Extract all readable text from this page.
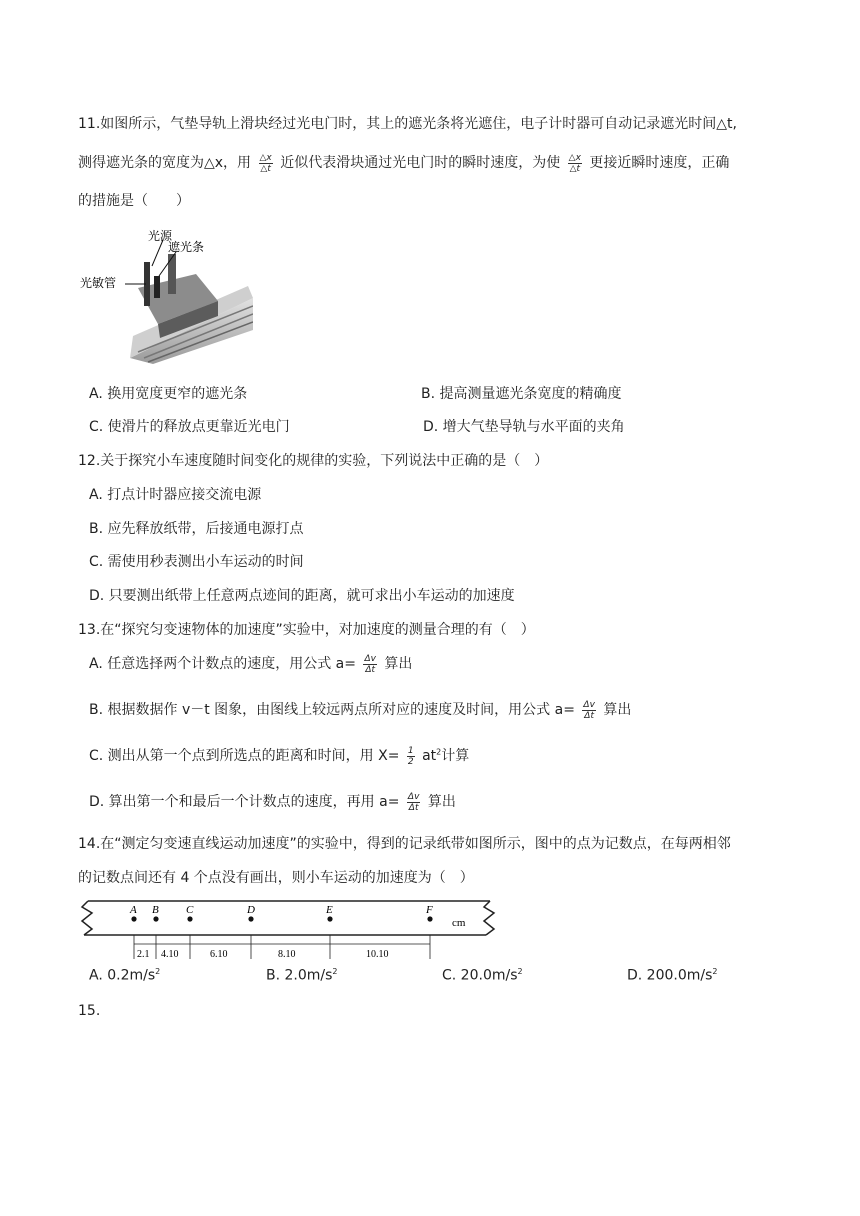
11.如图所示，气垫导轨上滑块经过光电门时，其上的遮光条将光遮住，电子计时器可自动记录遮光时间△t,
测得遮光条的宽度为△x，用 $\frac{\triangle x}{\triangle t}$ 近似代表滑块通过光电门时的瞬时速度，为使 $\frac{\triangle x}{\triangle t}$ 更接近瞬时速度，正确
的措施是（　　）
光源
遮光条
光敏管
A. 换用宽度更窄的遮光条	B. 提高测量遮光条宽度的精确度
C. 使滑片的释放点更靠近光电门	D. 增大气垫导轨与水平面的夹角
12.关于探究小车速度随时间变化的规律的实验，下列说法中正确的是（　）
A. 打点计时器应接交流电源
B. 应先释放纸带，后接通电源打点
C. 需使用秒表测出小车运动的时间
D. 只要测出纸带上任意两点迹间的距离，就可求出小车运动的加速度
13.在“探究匀变速物体的加速度”实验中，对加速度的测量合理的有（　）
A. 任意选择两个计数点的速度，用公式 $a= \frac{\Delta v}{\Delta t}$ 算出
B. 根据数据作 v－t 图象，由图线上较远两点所对应的速度及时间，用公式 $a= \frac{\Delta v}{\Delta t}$ 算出
C. 测出从第一个点到所选点的距离和时间，用 $X= \frac{1}{2} at^2$计算
D. 算出第一个和最后一个计数点的速度，再用 $a= \frac{\Delta v}{\Delta t}$ 算出
14.在“测定匀变速直线运动加速度”的实验中，得到的记录纸带如图所示，图中的点为记数点，在每两相邻
的记数点间还有 4 个点没有画出，则小车运动的加速度为（　）
cm
A B C	D	E	F
2.1 4.10	6.10	8.10	10.10
A. $0.2m/s^2$	B. $2.0m/s^2$	C. $20.0m/s^2$	D. $200.0m/s^2$
15.
